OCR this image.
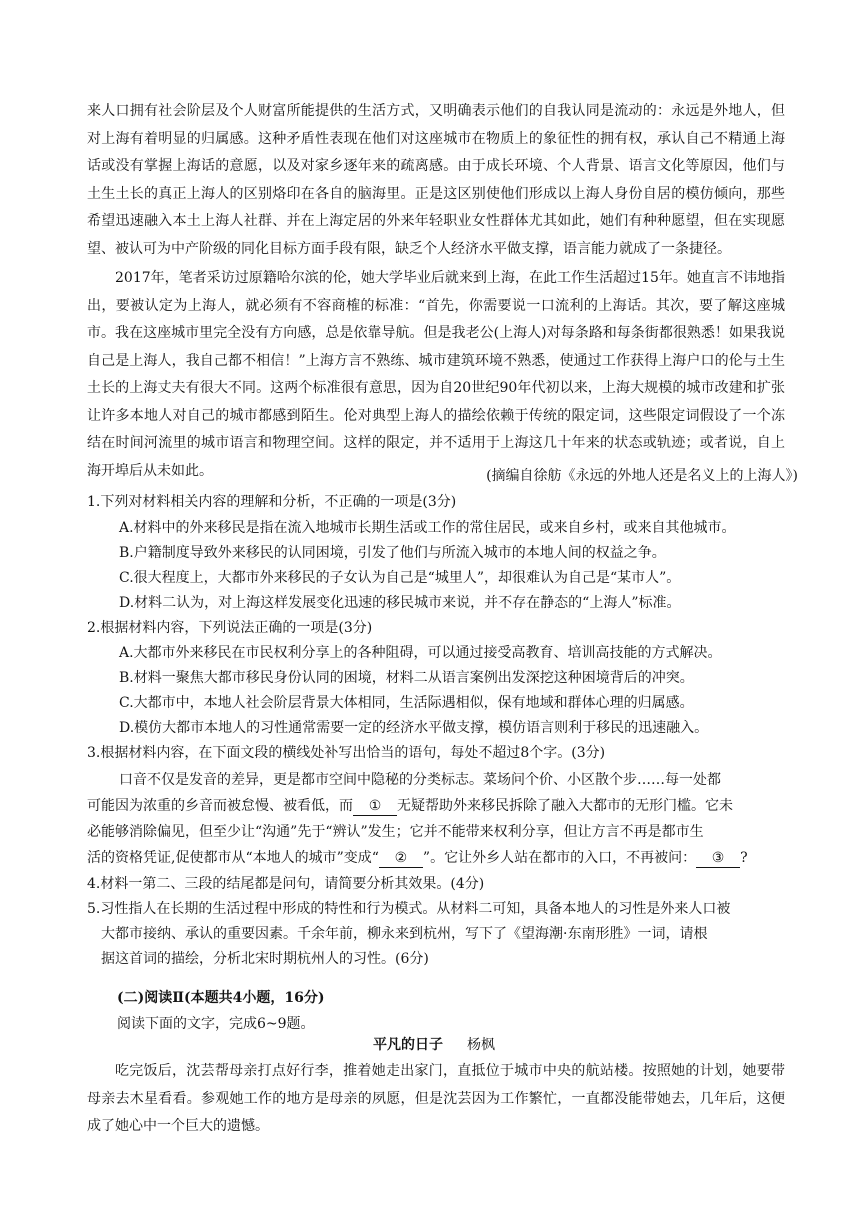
来人口拥有社会阶层及个人财富所能提供的生活方式，又明确表示他们的自我认同是流动的：永远是外地人，但对上海有着明显的归属感。这种矛盾性表现在他们对这座城市在物质上的象征性的拥有权，承认自己不精通上海话或没有掌握上海话的意愿，以及对家乡逐年来的疏离感。由于成长环境、个人背景、语言文化等原因，他们与土生土长的真正上海人的区别烙印在各自的脑海里。正是这区别使他们形成以上海人身份自居的模仿倾向，那些希望迅速融入本土上海人社群、并在上海定居的外来年轻职业女性群体尤其如此，她们有种种愿望，但在实现愿望、被认可为中产阶级的同化目标方面手段有限，缺乏个人经济水平做支撑，语言能力就成了一条捷径。

2017年，笔者采访过原籍哈尔滨的伦，她大学毕业后就来到上海，在此工作生活超过15年。她直言不讳地指出，要被认定为上海人，就必须有不容商榷的标准：“首先，你需要说一口流利的上海话。其次，要了解这座城市。我在这座城市里完全没有方向感，总是依靠导航。但是我老公(上海人)对每条路和每条街都很熟悉！如果我说自己是上海人，我自己都不相信！”上海方言不熟练、城市建筑环境不熟悉，使通过工作获得上海户口的伦与土生土长的上海丈夫有很大不同。这两个标准很有意思，因为自20世纪90年代初以来，上海大规模的城市改建和扩张让许多本地人对自己的城市都感到陌生。伦对典型上海人的描绘依赖于传统的限定词，这些限定词假设了一个冻结在时间河流里的城市语言和物理空间。这样的限定，并不适用于上海这几十年来的状态或轨迹；或者说，自上海开埠后从未如此。	(摘编自徐舫《永远的外地人还是名义上的上海人》)

1.下列对材料相关内容的理解和分析，不正确的一项是(3分)

A.材料中的外来移民是指在流入地城市长期生活或工作的常住居民，或来自乡村，或来自其他城市。

B.户籍制度导致外来移民的认同困境，引发了他们与所流入城市的本地人间的权益之争。

C.很大程度上，大都市外来移民的子女认为自己是“城里人”，却很难认为自己是“某市人”。

D.材料二认为，对上海这样发展变化迅速的移民城市来说，并不存在静态的“上海人”标准。

2.根据材料内容，下列说法正确的一项是(3分)

A.大都市外来移民在市民权利分享上的各种阻碍，可以通过接受高教育、培训高技能的方式解决。

B.材料一聚焦大都市移民身份认同的困境，材料二从语言案例出发深挖这种困境背后的冲突。

C.大都市中，本地人社会阶层背景大体相同，生活际遇相似，保有地域和群体心理的归属感。

D.模仿大都市本地人的习性通常需要一定的经济水平做支撑，模仿语言则利于移民的迅速融入。

3.根据材料内容，在下面文段的横线处补写出恰当的语句，每处不超过8个字。(3分)

口音不仅是发音的差异，更是都市空间中隐秘的分类标志。菜场问个价、小区散个步……每一处都

可能因为浓重的乡音而被怠慢、被看低，而 ① 无疑帮助外来移民拆除了融入大都市的无形门槛。它未

必能够消除偏见，但至少让“沟通”先于“辨认”发生；它并不能带来权利分享，但让方言不再是都市生

活的资格凭证,促使都市从“本地人的城市”变成“ ② ”。它让外乡人站在都市的入口，不再被问： ③ ?

4.材料一第二、三段的结尾都是问句，请简要分析其效果。(4分)

5.习性指人在长期的生活过程中形成的特性和行为模式。从材料二可知，具备本地人的习性是外来人口被

大都市接纳、承认的重要因素。千余年前，柳永来到杭州，写下了《望海潮·东南形胜》一词，请根

据这首词的描绘，分析北宋时期杭州人的习性。(6分)

(二)阅读Ⅱ(本题共4小题，16分)

阅读下面的文字，完成6~9题。

平凡的日子 杨枫

吃完饭后，沈芸帮母亲打点好行李，推着她走出家门，直抵位于城市中央的航站楼。按照她的计划，她要带母亲去木星看看。参观她工作的地方是母亲的夙愿，但是沈芸因为工作繁忙，一直都没能带她去，几年后，这便成了她心中一个巨大的遗憾。
